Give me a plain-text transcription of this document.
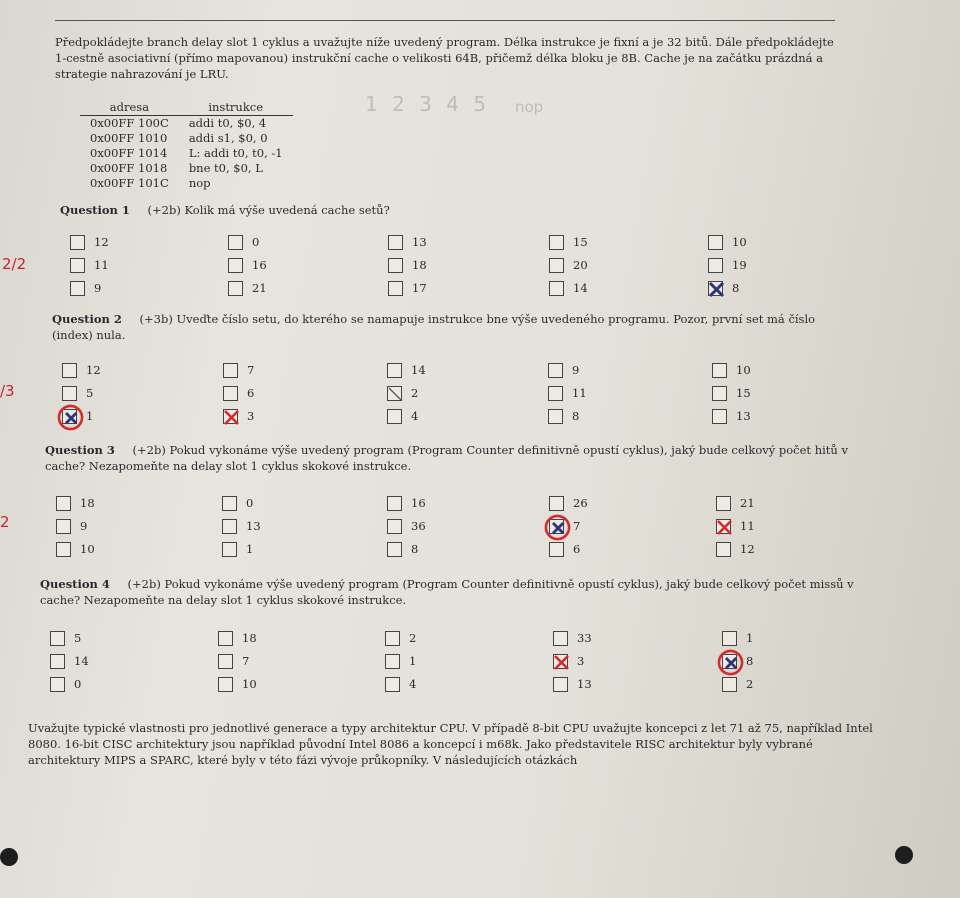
Předpokládejte branch delay slot 1 cyklus a uvažujte níže uvedený program. Délka instrukce je fixní a je 32 bitů. Dále předpokládejte 1-cestně asociativní (přímo mapovanou) instrukční cache o velikosti 64B, přičemž délka bloku je 8B. Cache je na začátku prázdná a strategie nahrazování je LRU.
adresa	instrukce
0x00FF 100C	addi t0, $0, 4
0x00FF 1010	addi s1, $0, 0
0x00FF 1014	L: addi t0, t0, -1
0x00FF 1018	bne t0, $0, L
0x00FF 101C	nop
1 2 3 4 5 nop
Question 1 (+2b) Kolik má výše uvedená cache setů?
Question 2 (+3b) Uveďte číslo setu, do kterého se namapuje instrukce bne výše uvedeného programu. Pozor, první set má číslo (index) nula.
Question 3 (+2b) Pokud vykonáme výše uvedený program (Program Counter definitivně opustí cyklus), jaký bude celkový počet hitů v cache? Nezapomeňte na delay slot 1 cyklus skokové instrukce.
Question 4 (+2b) Pokud vykonáme výše uvedený program (Program Counter definitivně opustí cyklus), jaký bude celkový počet missů v cache? Nezapomeňte na delay slot 1 cyklus skokové instrukce.
2/2
/3
2
12	0	13	15	10
11	16	18	20	19
9	21	17	14	8
12	7	14	9	10
5	6	2	11	15
1	3	4	8	13
18	0	16	26	21
9	13	36	7	11
10	1	8	6	12
5	18	2	33	1
14	7	1	3	8
0	10	4	13	2
Uvažujte typické vlastnosti pro jednotlivé generace a typy architektur CPU. V případě 8-bit CPU uvažujte koncepci z let 71 až 75, například Intel 8080. 16-bit CISC architektury jsou například původní Intel 8086 a koncepcí i m68k. Jako představitele RISC architektur byly vybrané architektury MIPS a SPARC, které byly v této fázi vývoje průkopníky. V následujících otázkách
